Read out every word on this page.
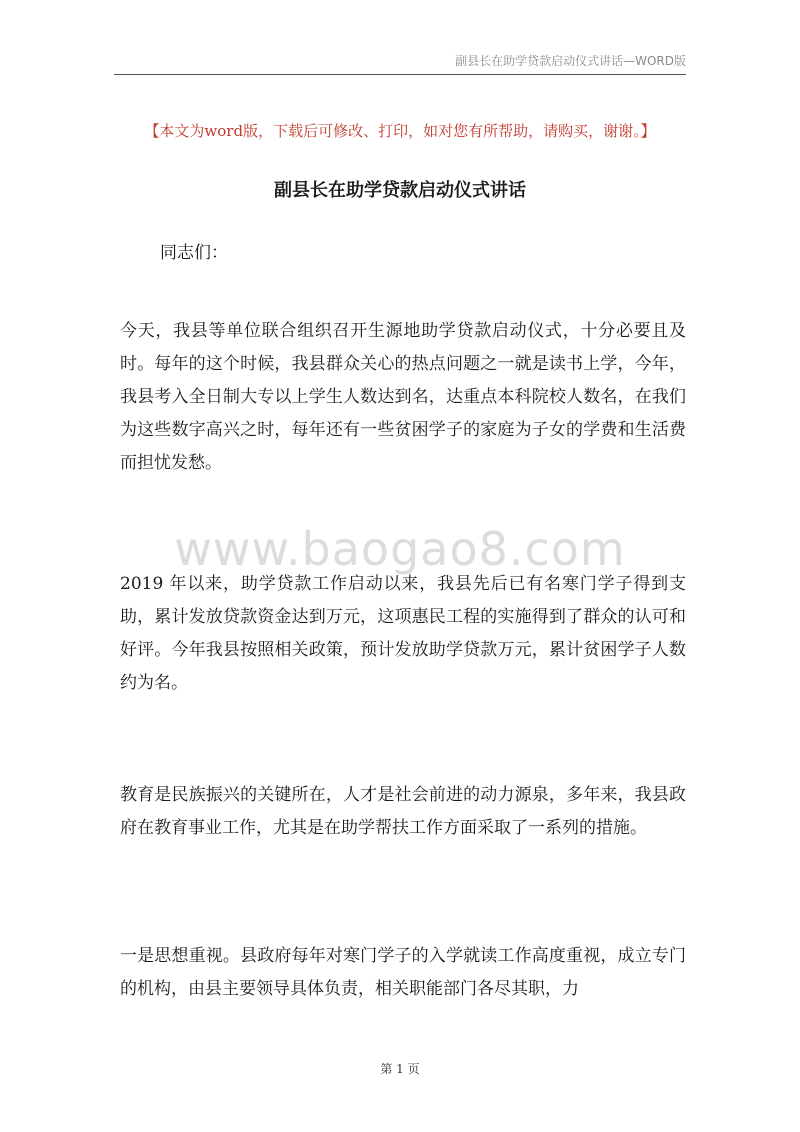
副县长在助学贷款启动仪式讲话—WORD版
【本文为word版，下载后可修改、打印，如对您有所帮助，请购买，谢谢。】
副县长在助学贷款启动仪式讲话
同志们：

今天，我县等单位联合组织召开生源地助学贷款启动仪式，十分必要且及时。每年的这个时候，我县群众关心的热点问题之一就是读书上学，今年，我县考入全日制大专以上学生人数达到名，达重点本科院校人数名，在我们为这些数字高兴之时，每年还有一些贫困学子的家庭为子女的学费和生活费而担忧发愁。

2019 年以来，助学贷款工作启动以来，我县先后已有名寒门学子得到支助，累计发放贷款资金达到万元，这项惠民工程的实施得到了群众的认可和好评。今年我县按照相关政策，预计发放助学贷款万元，累计贫困学子人数约为名。

教育是民族振兴的关键所在，人才是社会前进的动力源泉，多年来，我县政府在教育事业工作，尤其是在助学帮扶工作方面采取了一系列的措施。

一是思想重视。县政府每年对寒门学子的入学就读工作高度重视，成立专门的机构，由县主要领导具体负责，相关职能部门各尽其职，力

www.baogao8.com
第 1 页
